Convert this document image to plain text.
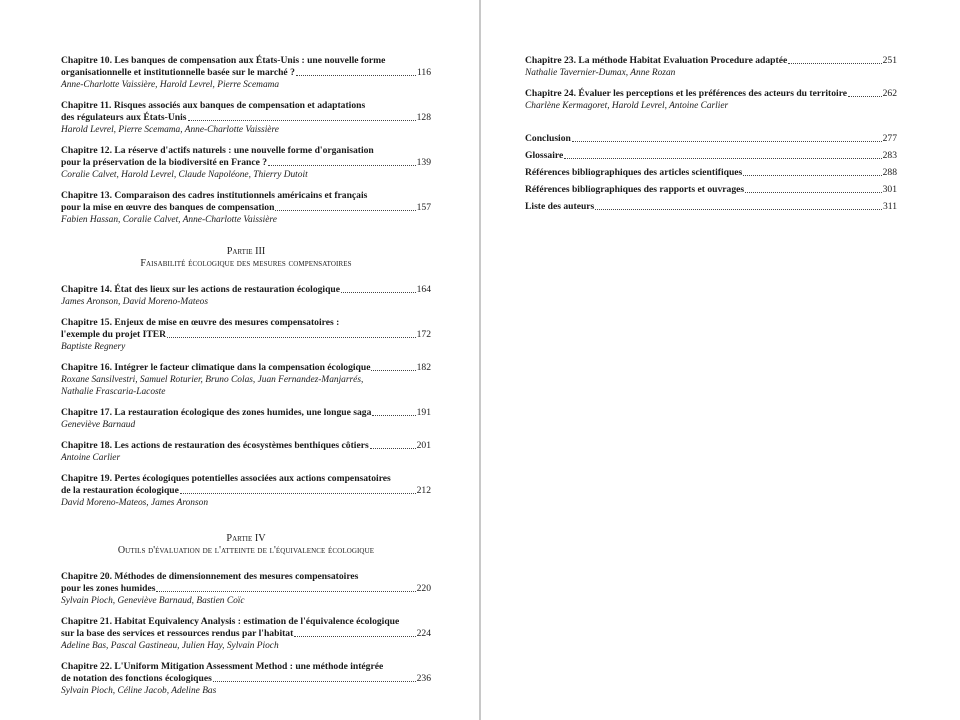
Chapitre 10. Les banques de compensation aux États-Unis : une nouvelle forme
organisationnelle et institutionnelle basée sur le marché ?	116
Anne-Charlotte Vaissière, Harold Levrel, Pierre Scemama
Chapitre 11. Risques associés aux banques de compensation et adaptations
des régulateurs aux États-Unis	128
Harold Levrel, Pierre Scemama, Anne-Charlotte Vaissière
Chapitre 12. La réserve d'actifs naturels : une nouvelle forme d'organisation
pour la préservation de la biodiversité en France ?	139
Coralie Calvet, Harold Levrel, Claude Napoléone, Thierry Dutoit
Chapitre 13. Comparaison des cadres institutionnels américains et français
pour la mise en œuvre des banques de compensation	157
Fabien Hassan, Coralie Calvet, Anne-Charlotte Vaissière
Partie III
Faisabilité écologique des mesures compensatoires
Chapitre 14. État des lieux sur les actions de restauration écologique	164
James Aronson, David Moreno-Mateos
Chapitre 15. Enjeux de mise en œuvre des mesures compensatoires :
l'exemple du projet ITER	172
Baptiste Regnery
Chapitre 16. Intégrer le facteur climatique dans la compensation écologique	182
Roxane Sansilvestri, Samuel Roturier, Bruno Colas, Juan Fernandez-Manjarrés,
Nathalie Frascaria-Lacoste
Chapitre 17. La restauration écologique des zones humides, une longue saga	191
Geneviève Barnaud
Chapitre 18. Les actions de restauration des écosystèmes benthiques côtiers	201
Antoine Carlier
Chapitre 19. Pertes écologiques potentielles associées aux actions compensatoires
de la restauration écologique	212
David Moreno-Mateos, James Aronson
Partie IV
Outils d'évaluation de l'atteinte de l'équivalence écologique
Chapitre 20. Méthodes de dimensionnement des mesures compensatoires
pour les zones humides	220
Sylvain Pioch, Geneviève Barnaud, Bastien Coïc
Chapitre 21. Habitat Equivalency Analysis : estimation de l'équivalence écologique
sur la base des services et ressources rendus par l'habitat	224
Adeline Bas, Pascal Gastineau, Julien Hay, Sylvain Pioch
Chapitre 22. L'Uniform Mitigation Assessment Method : une méthode intégrée
de notation des fonctions écologiques	236
Sylvain Pioch, Céline Jacob, Adeline Bas
Chapitre 23. La méthode Habitat Evaluation Procedure adaptée	251
Nathalie Tavernier-Dumax, Anne Rozan
Chapitre 24. Évaluer les perceptions et les préférences des acteurs du territoire	262
Charlène Kermagoret, Harold Levrel, Antoine Carlier
Conclusion	277
Glossaire	283
Références bibliographiques des articles scientifiques	288
Références bibliographiques des rapports et ouvrages	301
Liste des auteurs	311
